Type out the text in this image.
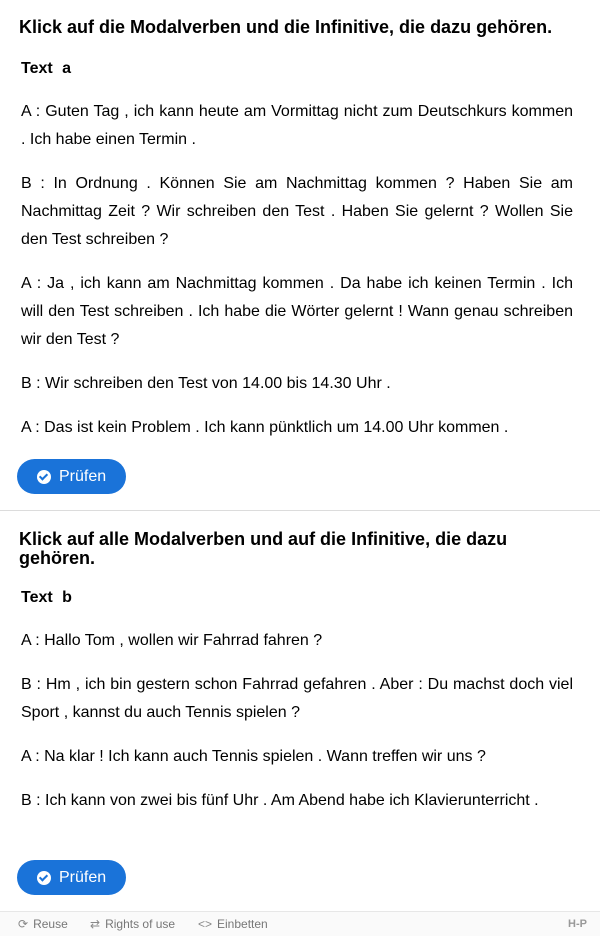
Klick auf die Modalverben und die Infinitive, die dazu gehören.
Text a
A : Guten Tag , ich kann heute am Vormittag nicht zum Deutschkurs kommen . Ich habe einen Termin .
B : In Ordnung . Können Sie am Nachmittag kommen ? Haben Sie am Nachmittag Zeit ? Wir schreiben den Test . Haben Sie gelernt ? Wollen Sie den Test schreiben ?
A : Ja , ich kann am Nachmittag kommen . Da habe ich keinen Termin . Ich will den Test schreiben . Ich habe die Wörter gelernt ! Wann genau schreiben wir den Test ?
B : Wir schreiben den Test von 14.00 bis 14.30 Uhr .
A : Das ist kein Problem . Ich kann pünktlich um 14.00 Uhr kommen .
Prüfen
Klick auf alle Modalverben und auf die Infinitive, die dazu gehören.
Text b
A : Hallo Tom , wollen wir Fahrrad fahren ?
B : Hm , ich bin gestern schon Fahrrad gefahren . Aber : Du machst doch viel Sport , kannst du auch Tennis spielen ?
A : Na klar ! Ich kann auch Tennis spielen . Wann treffen wir uns ?
B : Ich kann von zwei bis fünf Uhr . Am Abend habe ich Klavierunterricht .
Prüfen
⟳ Reuse ⇄ Rights of use <> Einbetten	H-P
